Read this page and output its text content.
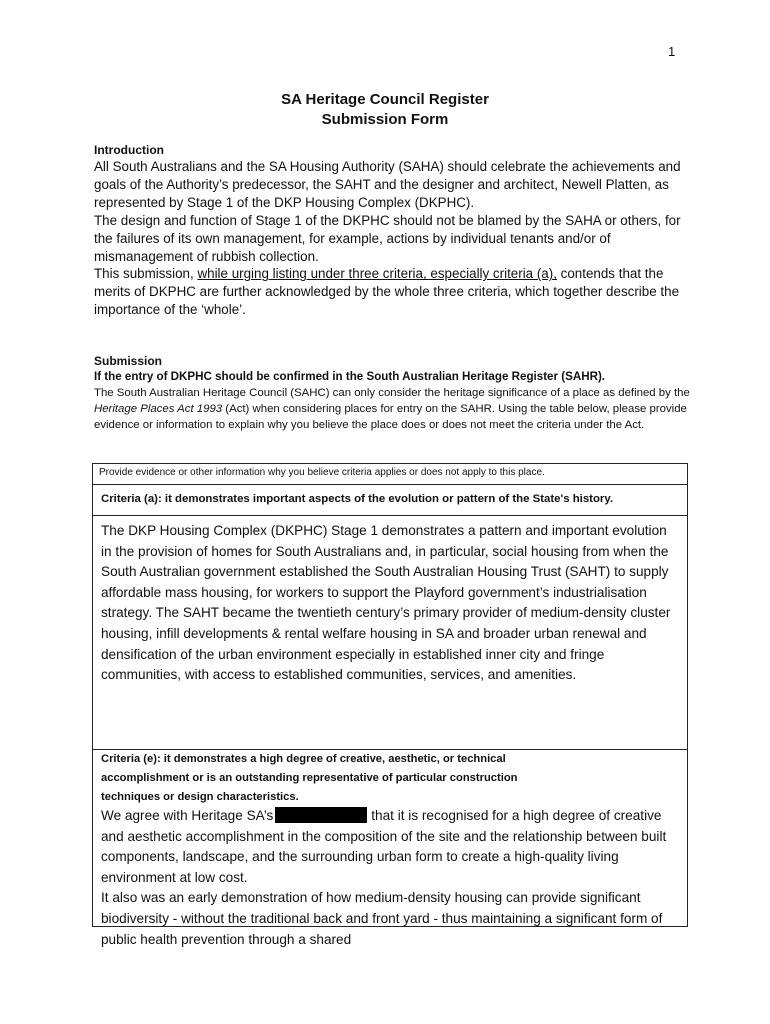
1
SA Heritage Council Register
Submission Form
Introduction

All South Australians and the SA Housing Authority (SAHA) should celebrate the achievements and goals of the Authority’s predecessor, the SAHT and the designer and architect, Newell Platten, as represented by Stage 1 of the DKP Housing Complex (DKPHC).

The design and function of Stage 1 of the DKPHC should not be blamed by the SAHA or others, for the failures of its own management, for example, actions by individual tenants and/or of mismanagement of rubbish collection.

This submission, while urging listing under three criteria, especially criteria (a), contends that the merits of DKPHC are further acknowledged by the whole three criteria, which together describe the importance of the ‘whole’.

Submission
If the entry of DKPHC should be confirmed in the South Australian Heritage Register (SAHR).
The South Australian Heritage Council (SAHC) can only consider the heritage significance of a place as defined by the Heritage Places Act 1993 (Act) when considering places for entry on the SAHR. Using the table below, please provide evidence or information to explain why you believe the place does or does not meet the criteria under the Act.
Provide evidence or other information why you believe criteria applies or does not apply to this place.
Criteria (a): it demonstrates important aspects of the evolution or pattern of the State's history.
The DKP Housing Complex (DKPHC) Stage 1 demonstrates a pattern and important evolution in the provision of homes for South Australians and, in particular, social housing from when the South Australian government established the South Australian Housing Trust (SAHT) to supply affordable mass housing, for workers to support the Playford government’s industrialisation strategy. The SAHT became the twentieth century’s primary provider of medium-density cluster housing, infill developments & rental welfare housing in SA and broader urban renewal and densification of the urban environment especially in established inner city and fringe communities, with access to established communities, services, and amenities.
Criteria (e): it demonstrates a high degree of creative, aesthetic, or technical
accomplishment or is an outstanding representative of particular construction
techniques or design characteristics.
We agree with Heritage SA’s	that it is recognised for a high degree of creative and aesthetic accomplishment in the composition of the site and the relationship between built components, landscape, and the surrounding urban form to create a high-quality living environment at low cost.
It also was an early demonstration of how medium-density housing can provide significant biodiversity - without the traditional back and front yard - thus maintaining a significant form of public health prevention through a shared
